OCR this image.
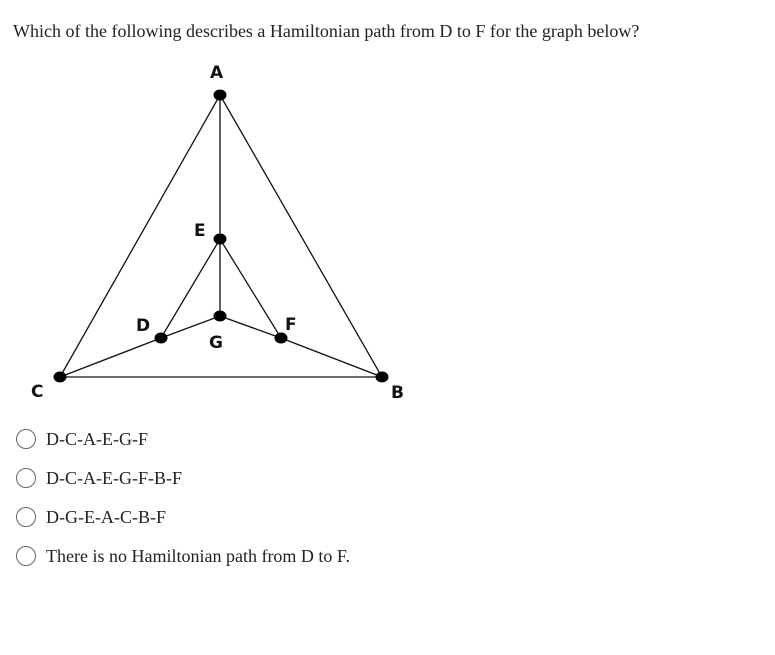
Which of the following describes a Hamiltonian path from D to F for the graph below?
A
B
C
D
E
F
G
D-C-A-E-G-F
D-C-A-E-G-F-B-F
D-G-E-A-C-B-F
There is no Hamiltonian path from D to F.
